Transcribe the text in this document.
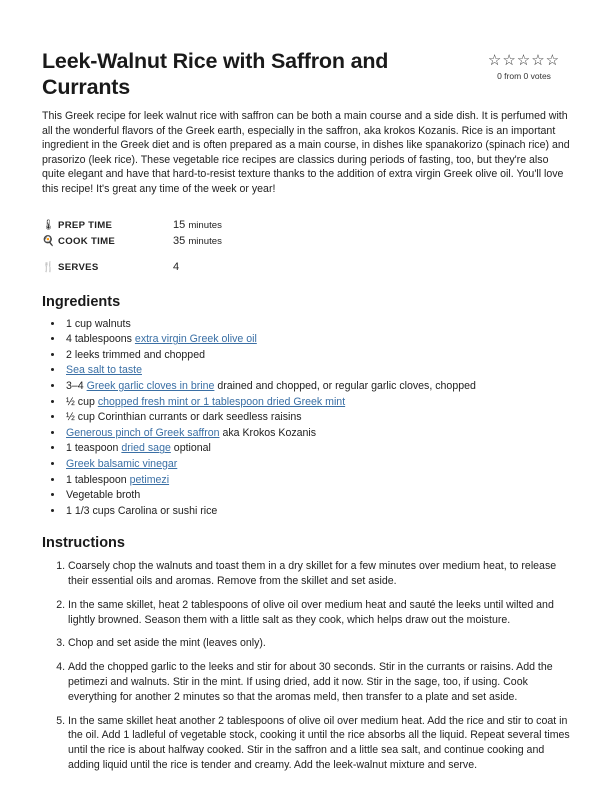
☆☆☆☆☆
0 from 0 votes
Leek-Walnut Rice with Saffron and Currants

This Greek recipe for leek walnut rice with saffron can be both a main course and a side dish. It is perfumed with all the wonderful flavors of the Greek earth, especially in the saffron, aka krokos Kozanis. Rice is an important ingredient in the Greek diet and is often prepared as a main course, in dishes like spanakorizo (spinach rice) and prasorizo (leek rice). These vegetable rice recipes are classics during periods of fasting, too, but they're also quite elegant and have that hard-to-resist texture thanks to the addition of extra virgin Greek olive oil. You'll love this recipe! It's great any time of the week or year!

🌡 PREP TIME	15 minutes
🍳 COOK TIME	35 minutes
🍴 SERVES	4
Ingredients
• 1 cup walnuts
• 4 tablespoons extra virgin Greek olive oil
• 2 leeks trimmed and chopped
• Sea salt to taste
• 3–4 Greek garlic cloves in brine drained and chopped, or regular garlic cloves, chopped
• ½ cup chopped fresh mint or 1 tablespoon dried Greek mint
• ½ cup Corinthian currants or dark seedless raisins
• Generous pinch of Greek saffron aka Krokos Kozanis
• 1 teaspoon dried sage optional
• Greek balsamic vinegar
• 1 tablespoon petimezi
• Vegetable broth
• 1 1/3 cups Carolina or sushi rice
Instructions
1. Coarsely chop the walnuts and toast them in a dry skillet for a few minutes over medium heat, to release their essential oils and aromas. Remove from the skillet and set aside.
2. In the same skillet, heat 2 tablespoons of olive oil over medium heat and sauté the leeks until wilted and lightly browned. Season them with a little salt as they cook, which helps draw out the moisture.
3. Chop and set aside the mint (leaves only).
4. Add the chopped garlic to the leeks and stir for about 30 seconds. Stir in the currants or raisins. Add the petimezi and walnuts. Stir in the mint. If using dried, add it now. Stir in the sage, too, if using. Cook everything for another 2 minutes so that the aromas meld, then transfer to a plate and set aside.
5. In the same skillet heat another 2 tablespoons of olive oil over medium heat. Add the rice and stir to coat in the oil. Add 1 ladleful of vegetable stock, cooking it until the rice absorbs all the liquid. Repeat several times until the rice is about halfway cooked. Stir in the saffron and a little sea salt, and continue cooking and adding liquid until the rice is tender and creamy. Add the leek-walnut mixture and serve.
